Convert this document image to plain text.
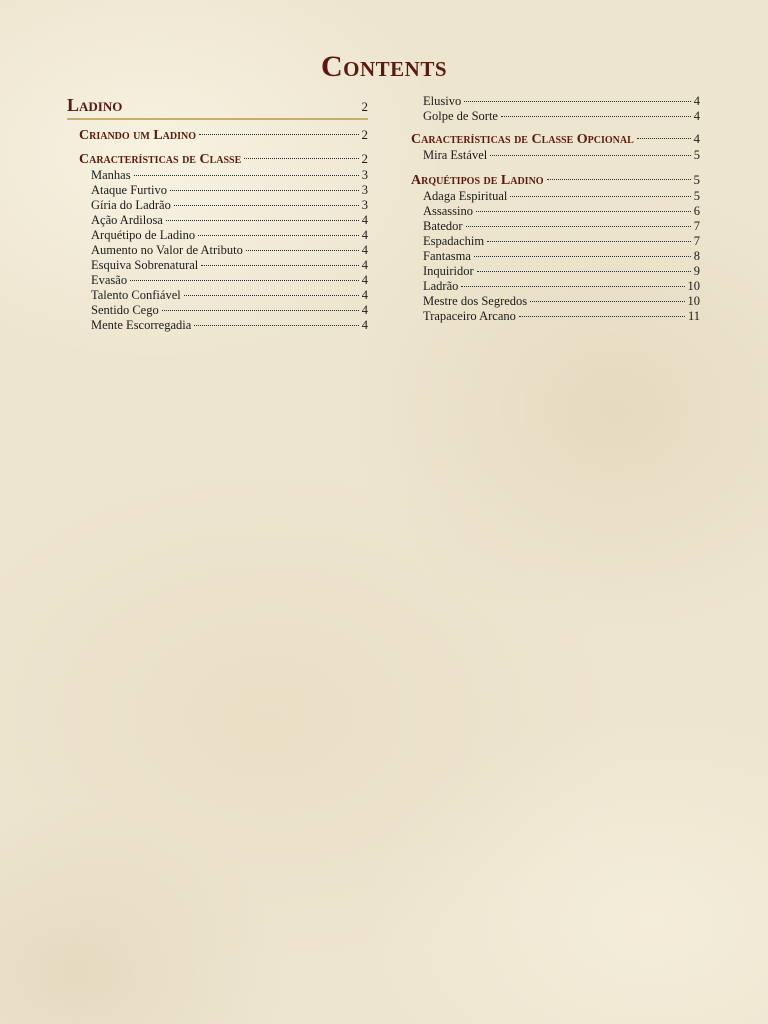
Contents
Ladino	2
Criando um Ladino	2
Características de Classe	2
Manhas	3
Ataque Furtivo	3
Gíria do Ladrão	3
Ação Ardilosa	4
Arquétipo de Ladino	4
Aumento no Valor de Atributo	4
Esquiva Sobrenatural	4
Evasão	4
Talento Confiável	4
Sentido Cego	4
Mente Escorregadia	4
Elusivo	4
Golpe de Sorte	4
Características de Classe Opcional	4
Mira Estável	5
Arquétipos de Ladino	5
Adaga Espiritual	5
Assassino	6
Batedor	7
Espadachim	7
Fantasma	8
Inquiridor	9
Ladrão	10
Mestre dos Segredos	10
Trapaceiro Arcano	11
